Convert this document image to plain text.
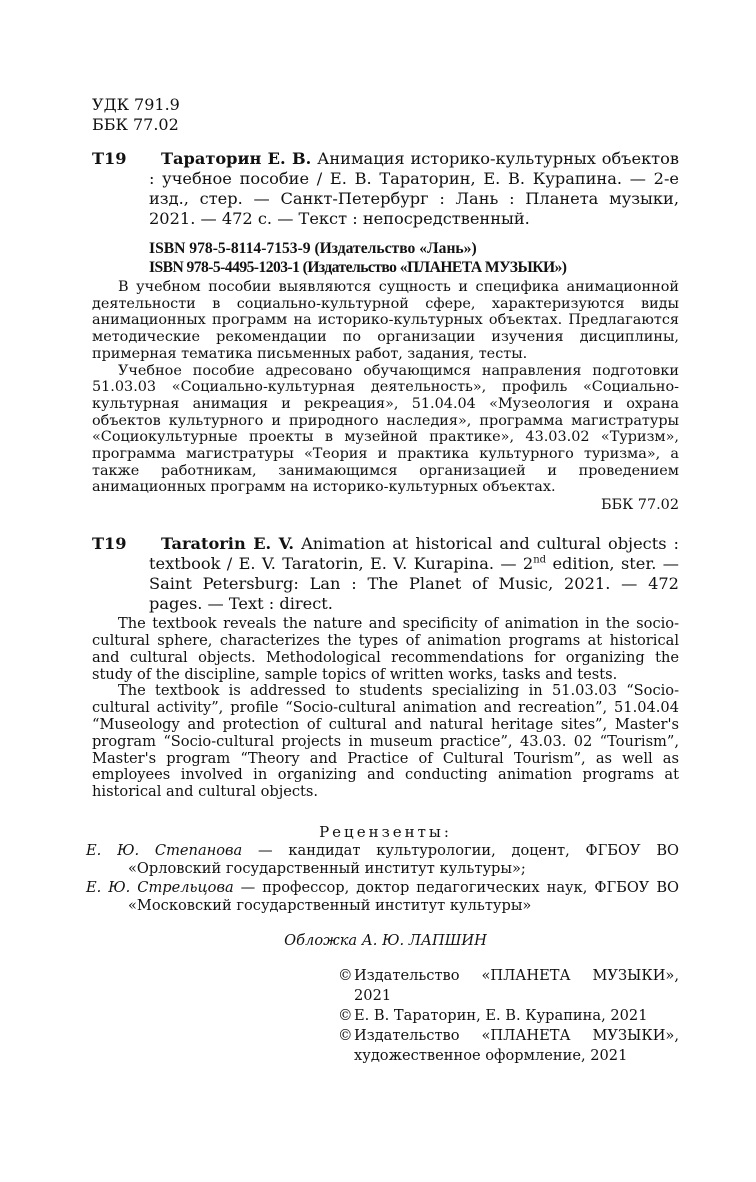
УДК 791.9
ББК 77.02
Т19 Тараторин Е. В. Анимация историко-культурных объектов : учебное пособие / Е. В. Тараторин, Е. В. Курапина. — 2-е изд., стер. — Санкт-Петербург : Лань : Планета музыки, 2021. — 472 с. — Текст : непосредственный.
ISBN 978-5-8114-7153-9 (Издательство «Лань»)
ISBN 978-5-4495-1203-1 (Издательство «ПЛАНЕТА МУЗЫКИ»)

В учебном пособии выявляются сущность и специфика анимационной деятельности в социально-культурной сфере, характеризуются виды анимационных программ на историко-культурных объектах. Предлагаются методические рекомендации по организации изучения дисциплины, примерная тематика письменных работ, задания, тесты.

Учебное пособие адресовано обучающимся направления подготовки 51.03.03 «Социально-культурная деятельность», профиль «Социально-культурная анимация и рекреация», 51.04.04 «Музеология и охрана объектов культурного и природного наследия», программа магистратуры «Социокультурные проекты в музейной практике», 43.03.02 «Туризм», программа магистратуры «Теория и практика культурного туризма», а также работникам, занимающимся организацией и проведением анимационных программ на историко-культурных объектах.

ББК 77.02
T19 Taratorin E. V. Animation at historical and cultural objects : textbook / E. V. Taratorin, E. V. Kurapina. — 2nd edition, ster. — Saint Petersburg: Lan : The Planet of Music, 2021. — 472 pages. — Text : direct.

The textbook reveals the nature and specificity of animation in the socio-cultural sphere, characterizes the types of animation programs at historical and cultural objects. Methodological recommendations for organizing the study of the discipline, sample topics of written works, tasks and tests.

The textbook is addressed to students specializing in 51.03.03 “Socio-cultural activity”, profile “Socio-cultural animation and recreation”, 51.04.04 “Museology and protection of cultural and natural heritage sites”, Master's program “Socio-cultural projects in museum practice”, 43.03. 02 “Tourism”, Master's program “Theory and Practice of Cultural Tourism”, as well as employees involved in organizing and conducting animation programs at historical and cultural objects.

Рецензенты:
Е. Ю. Степанова — кандидат культурологии, доцент, ФГБОУ ВО «Орловский государственный институт культуры»;
Е. Ю. Стрельцова — профессор, доктор педагогических наук, ФГБОУ ВО «Московский государственный институт культуры»
Обложка А. Ю. ЛАПШИН
© Издательство «ПЛАНЕТА МУЗЫКИ», 2021
© Е. В. Тараторин, Е. В. Курапина, 2021
© Издательство «ПЛАНЕТА МУЗЫКИ»,
художественное оформление, 2021
